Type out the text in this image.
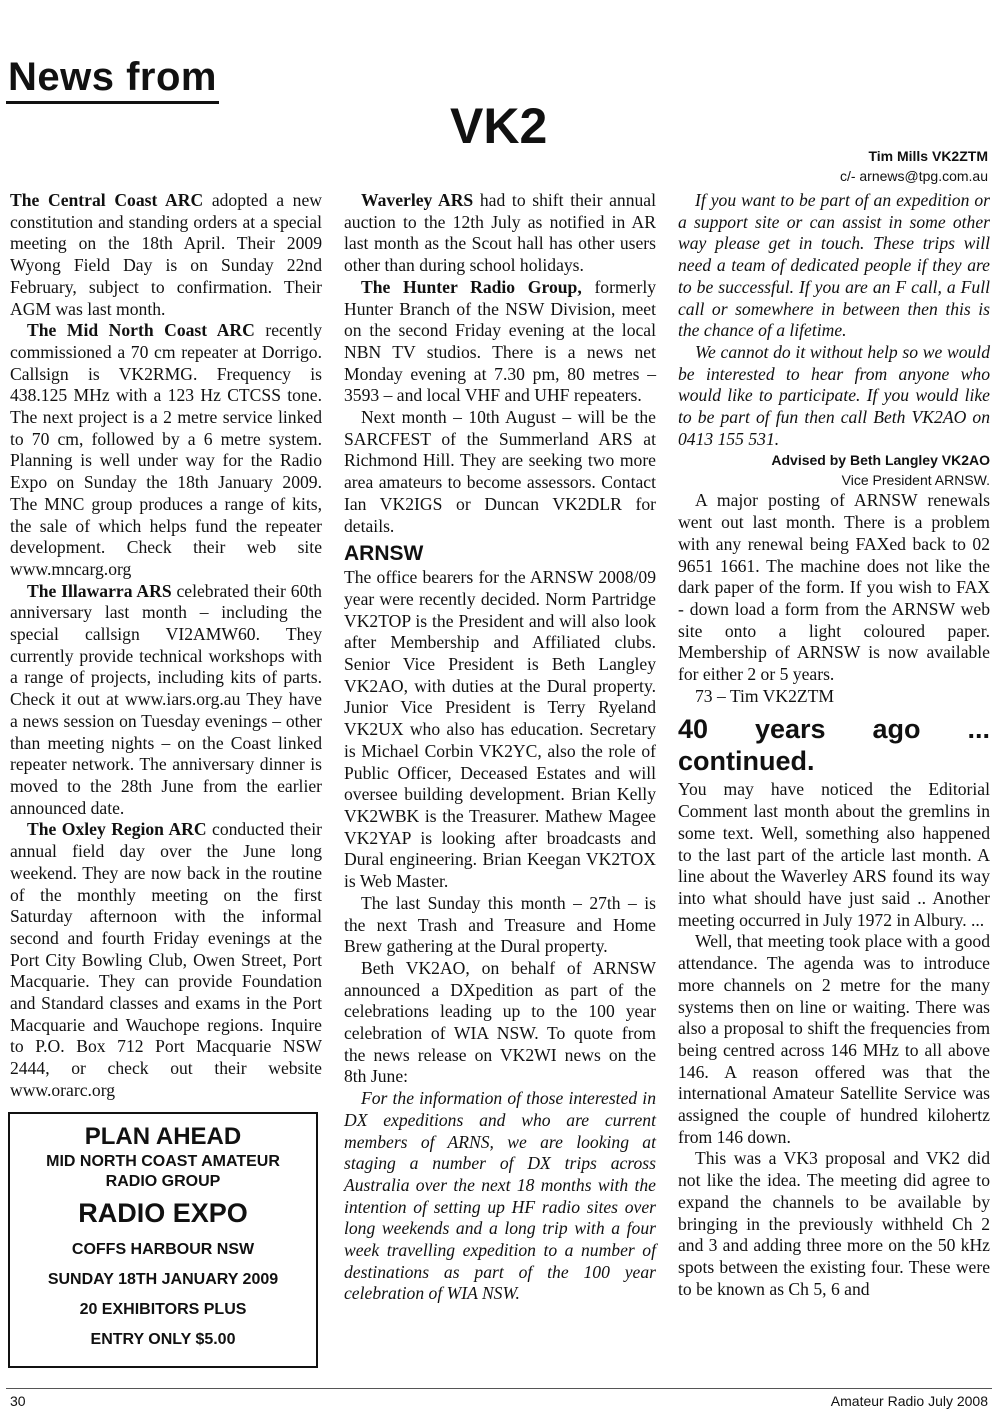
News from
VK2
Tim Mills VK2ZTM
c/- arnews@tpg.com.au

The Central Coast ARC adopted a new constitution and standing orders at a special meeting on the 18th April. Their 2009 Wyong Field Day is on Sunday 22nd February, subject to confirmation. Their AGM was last month.

The Mid North Coast ARC recently commissioned a 70 cm repeater at Dorrigo. Callsign is VK2RMG. Frequency is 438.125 MHz with a 123 Hz CTCSS tone. The next project is a 2 metre service linked to 70 cm, followed by a 6 metre system. Planning is well under way for the Radio Expo on Sunday the 18th January 2009. The MNC group produces a range of kits, the sale of which helps fund the repeater development. Check their web site www.mncarg.org

The Illawarra ARS celebrated their 60th anniversary last month – including the special callsign VI2AMW60. They currently provide technical workshops with a range of projects, including kits of parts. Check it out at www.iars.org.au They have a news session on Tuesday evenings – other than meeting nights – on the Coast linked repeater network. The anniversary dinner is moved to the 28th June from the earlier announced date.

The Oxley Region ARC conducted their annual field day over the June long weekend. They are now back in the routine of the monthly meeting on the first Saturday afternoon with the informal second and fourth Friday evenings at the Port City Bowling Club, Owen Street, Port Macquarie. They can provide Foundation and Standard classes and exams in the Port Macquarie and Wauchope regions. Inquire to P.O. Box 712 Port Macquarie NSW 2444, or check out their website www.orarc.org

PLAN AHEAD
MID NORTH COAST AMATEUR
RADIO GROUP
RADIO EXPO
COFFS HARBOUR NSW
SUNDAY 18TH JANUARY 2009
20 EXHIBITORS PLUS
ENTRY ONLY $5.00

Waverley ARS had to shift their annual auction to the 12th July as notified in AR last month as the Scout hall has other users other than during school holidays.

The Hunter Radio Group, formerly Hunter Branch of the NSW Division, meet on the second Friday evening at the local NBN TV studios. There is a news net Monday evening at 7.30 pm, 80 metres – 3593 – and local VHF and UHF repeaters.

Next month – 10th August – will be the SARCFEST of the Summerland ARS at Richmond Hill. They are seeking two more area amateurs to become assessors. Contact Ian VK2IGS or Duncan VK2DLR for details.

ARNSW

The office bearers for the ARNSW 2008/09 year were recently decided. Norm Partridge VK2TOP is the President and will also look after Membership and Affiliated clubs. Senior Vice President is Beth Langley VK2AO, with duties at the Dural property. Junior Vice President is Terry Ryeland VK2UX who also has education. Secretary is Michael Corbin VK2YC, also the role of Public Officer, Deceased Estates and will oversee building development. Brian Kelly VK2WBK is the Treasurer. Mathew Magee VK2YAP is looking after broadcasts and Dural engineering. Brian Keegan VK2TOX is Web Master.

The last Sunday this month – 27th – is the next Trash and Treasure and Home Brew gathering at the Dural property.

Beth VK2AO, on behalf of ARNSW announced a DXpedition as part of the celebrations leading up to the 100 year celebration of WIA NSW. To quote from the news release on VK2WI news on the 8th June:

For the information of those interested in DX expeditions and who are current members of ARNS, we are looking at staging a number of DX trips across Australia over the next 18 months with the intention of setting up HF radio sites over long weekends and a long trip with a four week travelling expedition to a number of destinations as part of the 100 year celebration of WIA NSW.

If you want to be part of an expedition or a support site or can assist in some other way please get in touch. These trips will need a team of dedicated people if they are to be successful. If you are an F call, a Full call or somewhere in between then this is the chance of a lifetime.

We cannot do it without help so we would be interested to hear from anyone who would like to participate. If you would like to be part of fun then call Beth VK2AO on 0413 155 531.

Advised by Beth Langley VK2AO
Vice President ARNSW.

A major posting of ARNSW renewals went out last month. There is a problem with any renewal being FAXed back to 02 9651 1661. The machine does not like the dark paper of the form. If you wish to FAX - down load a form from the ARNSW web site onto a light coloured paper. Membership of ARNSW is now available for either 2 or 5 years.

73 – Tim VK2ZTM

40 years ago ... continued.

You may have noticed the Editorial Comment last month about the gremlins in some text. Well, something also happened to the last part of the article last month. A line about the Waverley ARS found its way into what should have just said .. Another meeting occurred in July 1972 in Albury. ...

Well, that meeting took place with a good attendance. The agenda was to introduce more channels on 2 metre for the many systems then on line or waiting. There was also a proposal to shift the frequencies from being centred across 146 MHz to all above 146. A reason offered was that the international Amateur Satellite Service was assigned the couple of hundred kilohertz from 146 down.

This was a VK3 proposal and VK2 did not like the idea. The meeting did agree to expand the channels to be available by bringing in the previously withheld Ch 2 and 3 and adding three more on the 50 kHz spots between the existing four. These were to be known as Ch 5, 6 and

30	Amateur Radio July 2008
